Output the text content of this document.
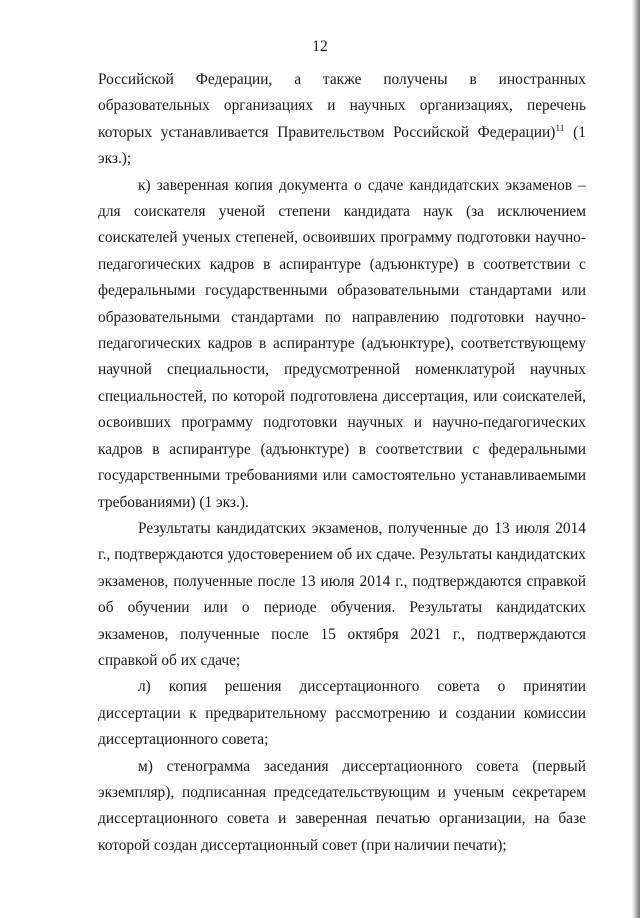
12

Российской Федерации, а также получены в иностранных образовательных организациях и научных организациях, перечень которых устанавливается Правительством Российской Федерации)$^{11}$ (1 экз.);

к) заверенная копия документа о сдаче кандидатских экзаменов – для соискателя ученой степени кандидата наук (за исключением соискателей ученых степеней, освоивших программу подготовки научно-педагогических кадров в аспирантуре (адъюнктуре) в соответствии с федеральными государственными образовательными стандартами или образовательными стандартами по направлению подготовки научно-педагогических кадров в аспирантуре (адъюнктуре), соответствующему научной специальности, предусмотренной номенклатурой научных специальностей, по которой подготовлена диссертация, или соискателей, освоивших программу подготовки научных и научно-педагогических кадров в аспирантуре (адъюнктуре) в соответствии с федеральными государственными требованиями или самостоятельно устанавливаемыми требованиями) (1 экз.).

Результаты кандидатских экзаменов, полученные до 13 июля 2014 г., подтверждаются удостоверением об их сдаче. Результаты кандидатских экзаменов, полученные после 13 июля 2014 г., подтверждаются справкой об обучении или о периоде обучения. Результаты кандидатских экзаменов, полученные после 15 октября 2021 г., подтверждаются справкой об их сдаче;

л) копия решения диссертационного совета о принятии диссертации к предварительному рассмотрению и создании комиссии диссертационного совета;

м) стенограмма заседания диссертационного совета (первый экземпляр), подписанная председательствующим и ученым секретарем диссертационного совета и заверенная печатью организации, на базе которой создан диссертационный совет (при наличии печати);
